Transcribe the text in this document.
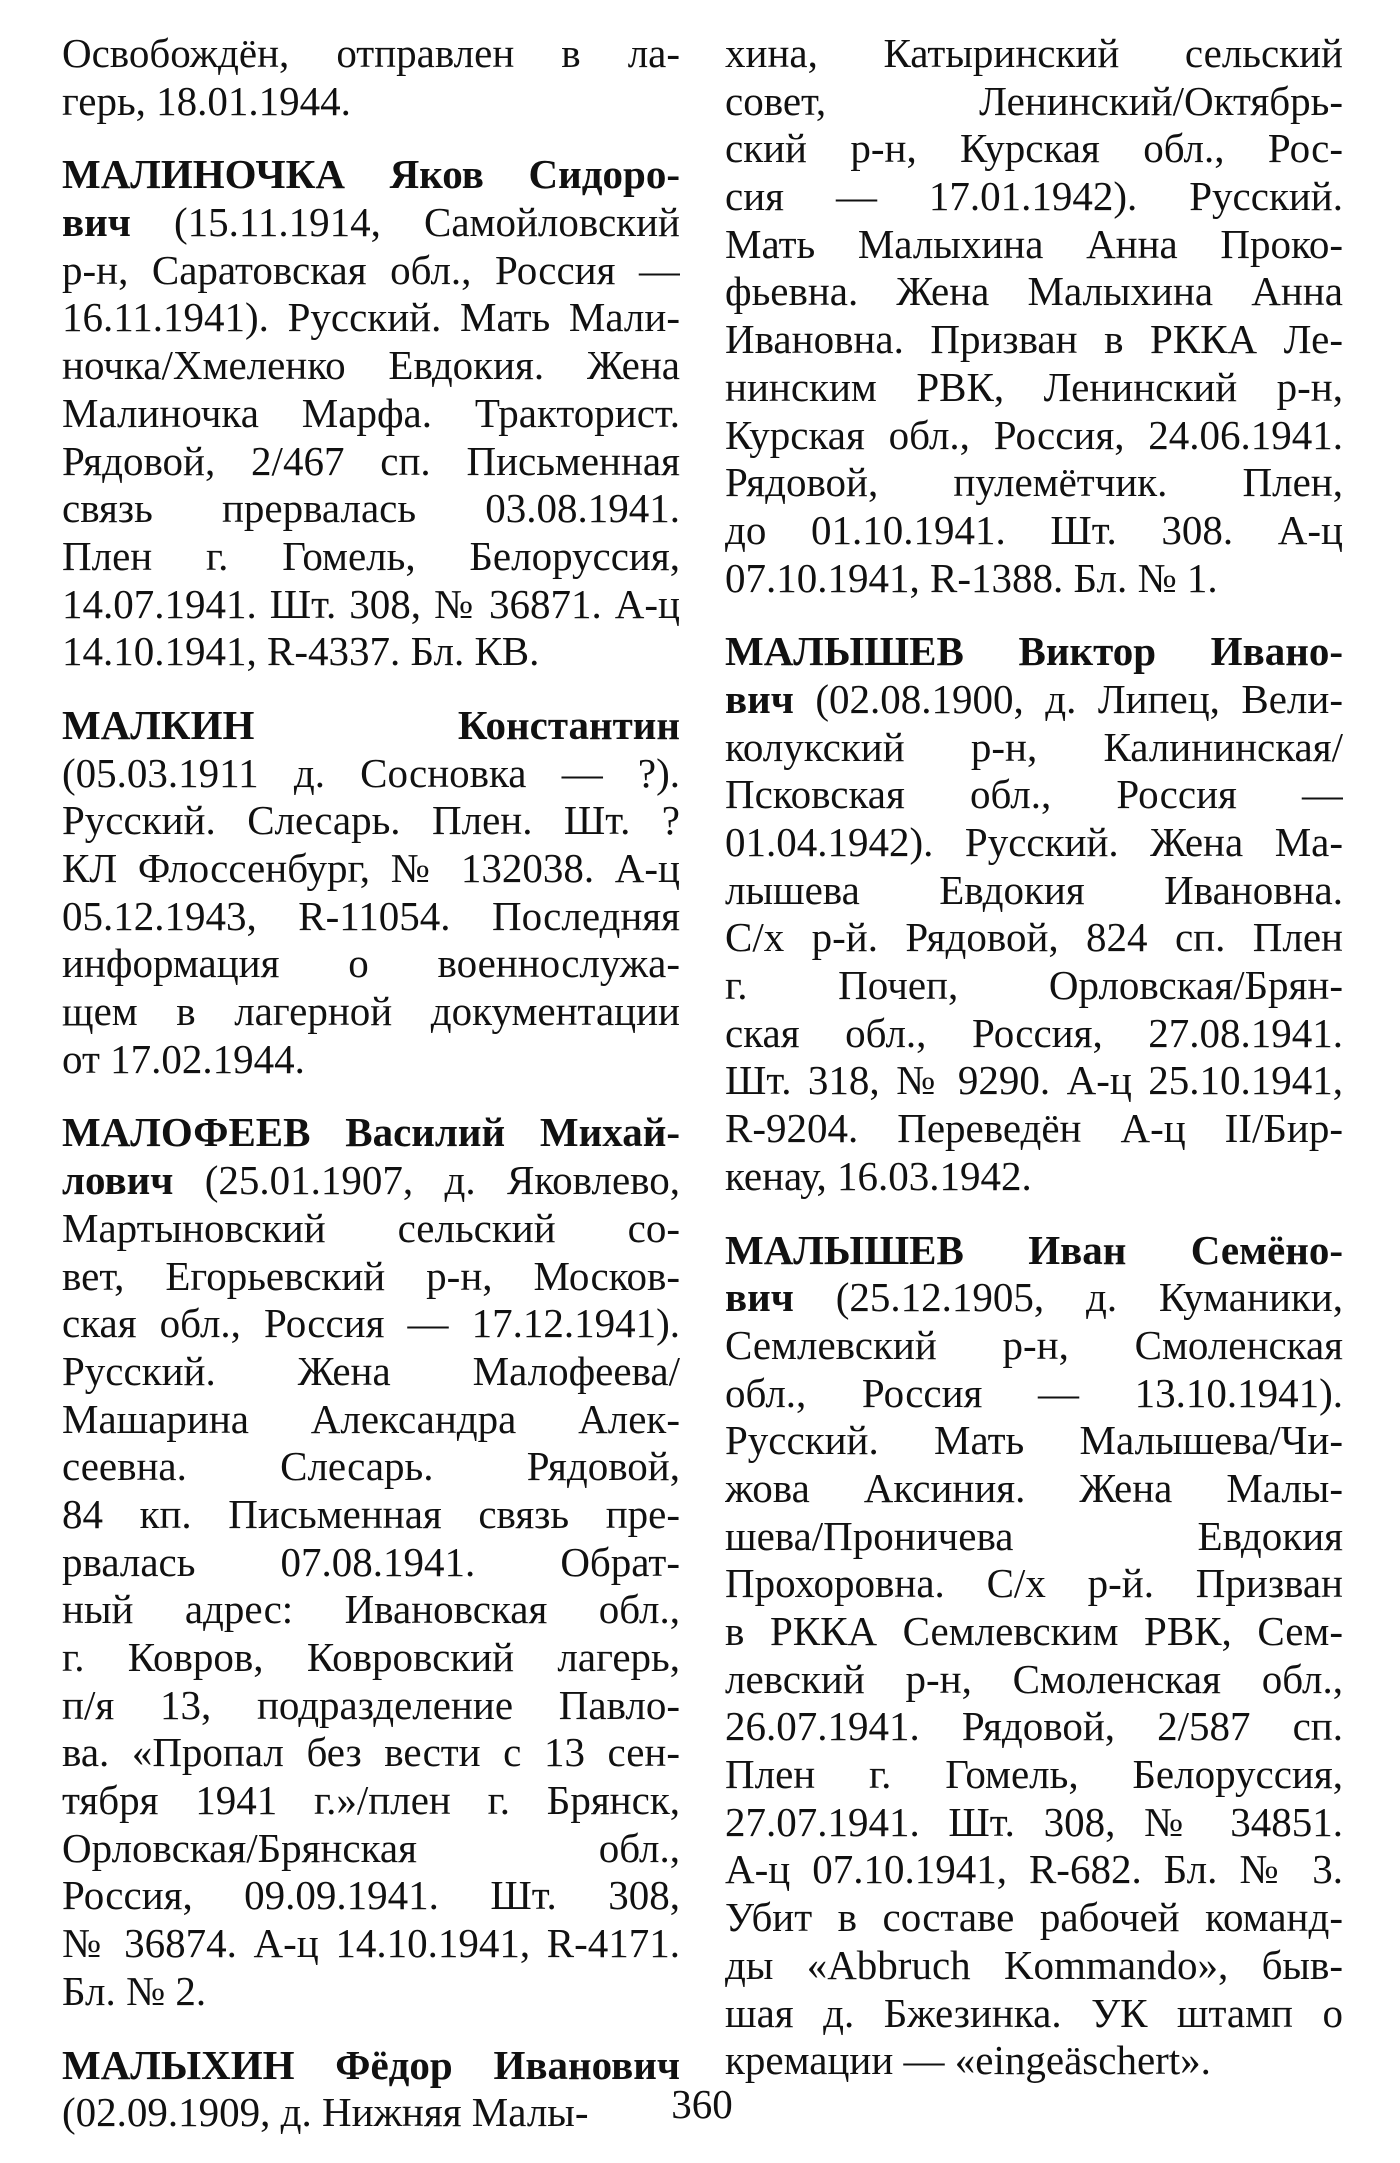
Освобождён, отправлен в ла-
герь, 18.01.1944.
МАЛИНОЧКА Яков Сидоро-
вич (15.11.1914, Самойловский
р-н, Саратовская обл., Россия —
16.11.1941). Русский. Мать Мали-
ночка/Хмеленко Евдокия. Жена
Малиночка Марфа. Тракторист.
Рядовой, 2/467 сп. Письменная
связь прервалась 03.08.1941.
Плен г. Гомель, Белоруссия,
14.07.1941. Шт. 308, № 36871. А-ц
14.10.1941, R-4337. Бл. КВ.
МАЛКИН Константин
(05.03.1911 д. Сосновка — ?).
Русский. Слесарь. Плен. Шт. ?
КЛ Флоссенбург, № 132038. А-ц
05.12.1943, R-11054. Последняя
информация о военнослужа-
щем в лагерной документации
от 17.02.1944.
МАЛОФЕЕВ Василий Михай-
лович (25.01.1907, д. Яковлево,
Мартыновский сельский со-
вет, Егорьевский р-н, Москов-
ская обл., Россия — 17.12.1941).
Русский. Жена Малофеева/
Машарина Александра Алек-
сеевна. Слесарь. Рядовой,
84 кп. Письменная связь пре-
рвалась 07.08.1941. Обрат-
ный адрес: Ивановская обл.,
г. Ковров, Ковровский лагерь,
п/я 13, подразделение Павло-
ва. «Пропал без вести с 13 сен-
тября 1941 г.»/плен г. Брянск,
Орловская/Брянская обл.,
Россия, 09.09.1941. Шт. 308,
№ 36874. А-ц 14.10.1941, R-4171.
Бл. № 2.
МАЛЫХИН Фёдор Иванович
(02.09.1909, д. Нижняя Малы-
хина, Катыринский сельский
совет, Ленинский/Октябрь-
ский р-н, Курская обл., Рос-
сия — 17.01.1942). Русский.
Мать Малыхина Анна Проко-
фьевна. Жена Малыхина Анна
Ивановна. Призван в РККА Ле-
нинским РВК, Ленинский р-н,
Курская обл., Россия, 24.06.1941.
Рядовой, пулемётчик. Плен,
до 01.10.1941. Шт. 308. А-ц
07.10.1941, R-1388. Бл. № 1.
МАЛЫШЕВ Виктор Ивано-
вич (02.08.1900, д. Липец, Вели-
колукский р-н, Калининская/
Псковская обл., Россия —
01.04.1942). Русский. Жена Ма-
лышева Евдокия Ивановна.
С/х р-й. Рядовой, 824 сп. Плен
г. Почеп, Орловская/Брян-
ская обл., Россия, 27.08.1941.
Шт. 318, № 9290. А-ц 25.10.1941,
R-9204. Переведён А-ц II/Бир-
кенау, 16.03.1942.
МАЛЫШЕВ Иван Семёно-
вич (25.12.1905, д. Куманики,
Семлевский р-н, Смоленская
обл., Россия — 13.10.1941).
Русский. Мать Малышева/Чи-
жова Аксиния. Жена Малы-
шева/Проничева Евдокия
Прохоровна. С/х р-й. Призван
в РККА Семлевским РВК, Сем-
левский р-н, Смоленская обл.,
26.07.1941. Рядовой, 2/587 сп.
Плен г. Гомель, Белоруссия,
27.07.1941. Шт. 308, № 34851.
А-ц 07.10.1941, R-682. Бл. № 3.
Убит в составе рабочей команд-
ды «Abbruch Kommando», быв-
шая д. Бжезинка. УК штамп о
кремации — «eingeäschert».
360
